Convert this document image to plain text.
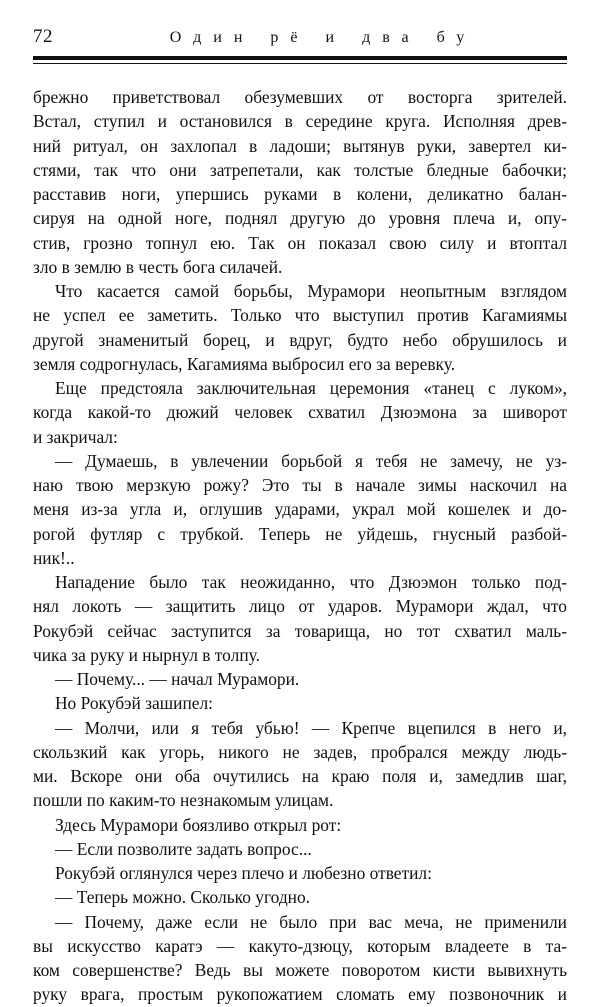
72	Один рё и два бу
брежно приветствовал обезумевших от восторга зрителей.
Встал, ступил и остановился в середине круга. Исполняя древ-
ний ритуал, он захлопал в ладоши; вытянув руки, завертел ки-
стями, так что они затрепетали, как толстые бледные бабочки;
расставив ноги, упершись руками в колени, деликатно балан-
сируя на одной ноге, поднял другую до уровня плеча и, опу-
стив, грозно топнул ею. Так он показал свою силу и втоптал
зло в землю в честь бога силачей.
Что касается самой борьбы, Мурамори неопытным взглядом
не успел ее заметить. Только что выступил против Кагамиямы
другой знаменитый борец, и вдруг, будто небо обрушилось и
земля содрогнулась, Кагамияма выбросил его за веревку.
Еще предстояла заключительная церемония «танец с луком»,
когда какой-то дюжий человек схватил Дзюэмона за шиворот
и закричал:
— Думаешь, в увлечении борьбой я тебя не замечу, не уз-
наю твою мерзкую рожу? Это ты в начале зимы наскочил на
меня из-за угла и, оглушив ударами, украл мой кошелек и до-
рогой футляр с трубкой. Теперь не уйдешь, гнусный разбой-
ник!..
Нападение было так неожиданно, что Дзюэмон только под-
нял локоть — защитить лицо от ударов. Мурамори ждал, что
Рокубэй сейчас заступится за товарища, но тот схватил маль-
чика за руку и нырнул в толпу.
— Почему... — начал Мурамори.
Но Рокубэй зашипел:
— Молчи, или я тебя убью! — Крепче вцепился в него и,
скользкий как угорь, никого не задев, пробрался между людь-
ми. Вскоре они оба очутились на краю поля и, замедлив шаг,
пошли по каким-то незнакомым улицам.
Здесь Мурамори боязливо открыл рот:
— Если позволите задать вопрос...
Рокубэй оглянулся через плечо и любезно ответил:
— Теперь можно. Сколько угодно.
— Почему, даже если не было при вас меча, не применили
вы искусство каратэ — какуто-дзюцу, которым владеете в та-
ком совершенстве? Ведь вы можете поворотом кисти вывихнуть
руку врага, простым рукопожатием сломать ему позвоночник и
